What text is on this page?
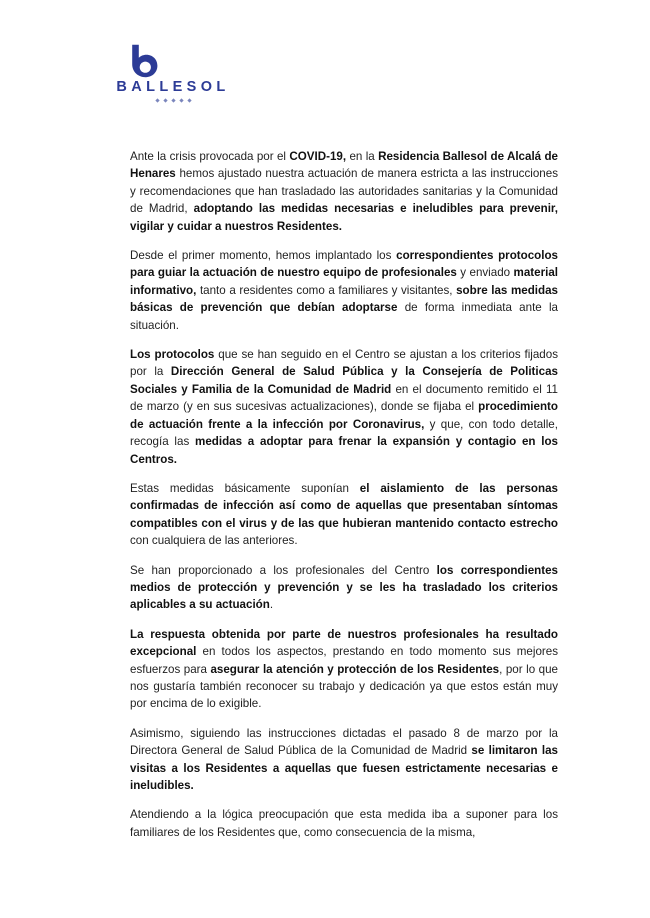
BALLESOL

Ante la crisis provocada por el COVID-19, en la Residencia Ballesol de Alcalá de Henares hemos ajustado nuestra actuación de manera estricta a las instrucciones y recomendaciones que han trasladado las autoridades sanitarias y la Comunidad de Madrid, adoptando las medidas necesarias e ineludibles para prevenir, vigilar y cuidar a nuestros Residentes.

Desde el primer momento, hemos implantado los correspondientes protocolos para guiar la actuación de nuestro equipo de profesionales y enviado material informativo, tanto a residentes como a familiares y visitantes, sobre las medidas básicas de prevención que debían adoptarse de forma inmediata ante la situación.

Los protocolos que se han seguido en el Centro se ajustan a los criterios fijados por la Dirección General de Salud Pública y la Consejería de Politicas Sociales y Familia de la Comunidad de Madrid en el documento remitido el 11 de marzo (y en sus sucesivas actualizaciones), donde se fijaba el procedimiento de actuación frente a la infección por Coronavirus, y que, con todo detalle, recogía las medidas a adoptar para frenar la expansión y contagio en los Centros.

Estas medidas básicamente suponían el aislamiento de las personas confirmadas de infección así como de aquellas que presentaban síntomas compatibles con el virus y de las que hubieran mantenido contacto estrecho con cualquiera de las anteriores.

Se han proporcionado a los profesionales del Centro los correspondientes medios de protección y prevención y se les ha trasladado los criterios aplicables a su actuación.

La respuesta obtenida por parte de nuestros profesionales ha resultado excepcional en todos los aspectos, prestando en todo momento sus mejores esfuerzos para asegurar la atención y protección de los Residentes, por lo que nos gustaría también reconocer su trabajo y dedicación ya que estos están muy por encima de lo exigible.

Asimismo, siguiendo las instrucciones dictadas el pasado 8 de marzo por la Directora General de Salud Pública de la Comunidad de Madrid se limitaron las visitas a los Residentes a aquellas que fuesen estrictamente necesarias e ineludibles.

Atendiendo a la lógica preocupación que esta medida iba a suponer para los familiares de los Residentes que, como consecuencia de la misma,
